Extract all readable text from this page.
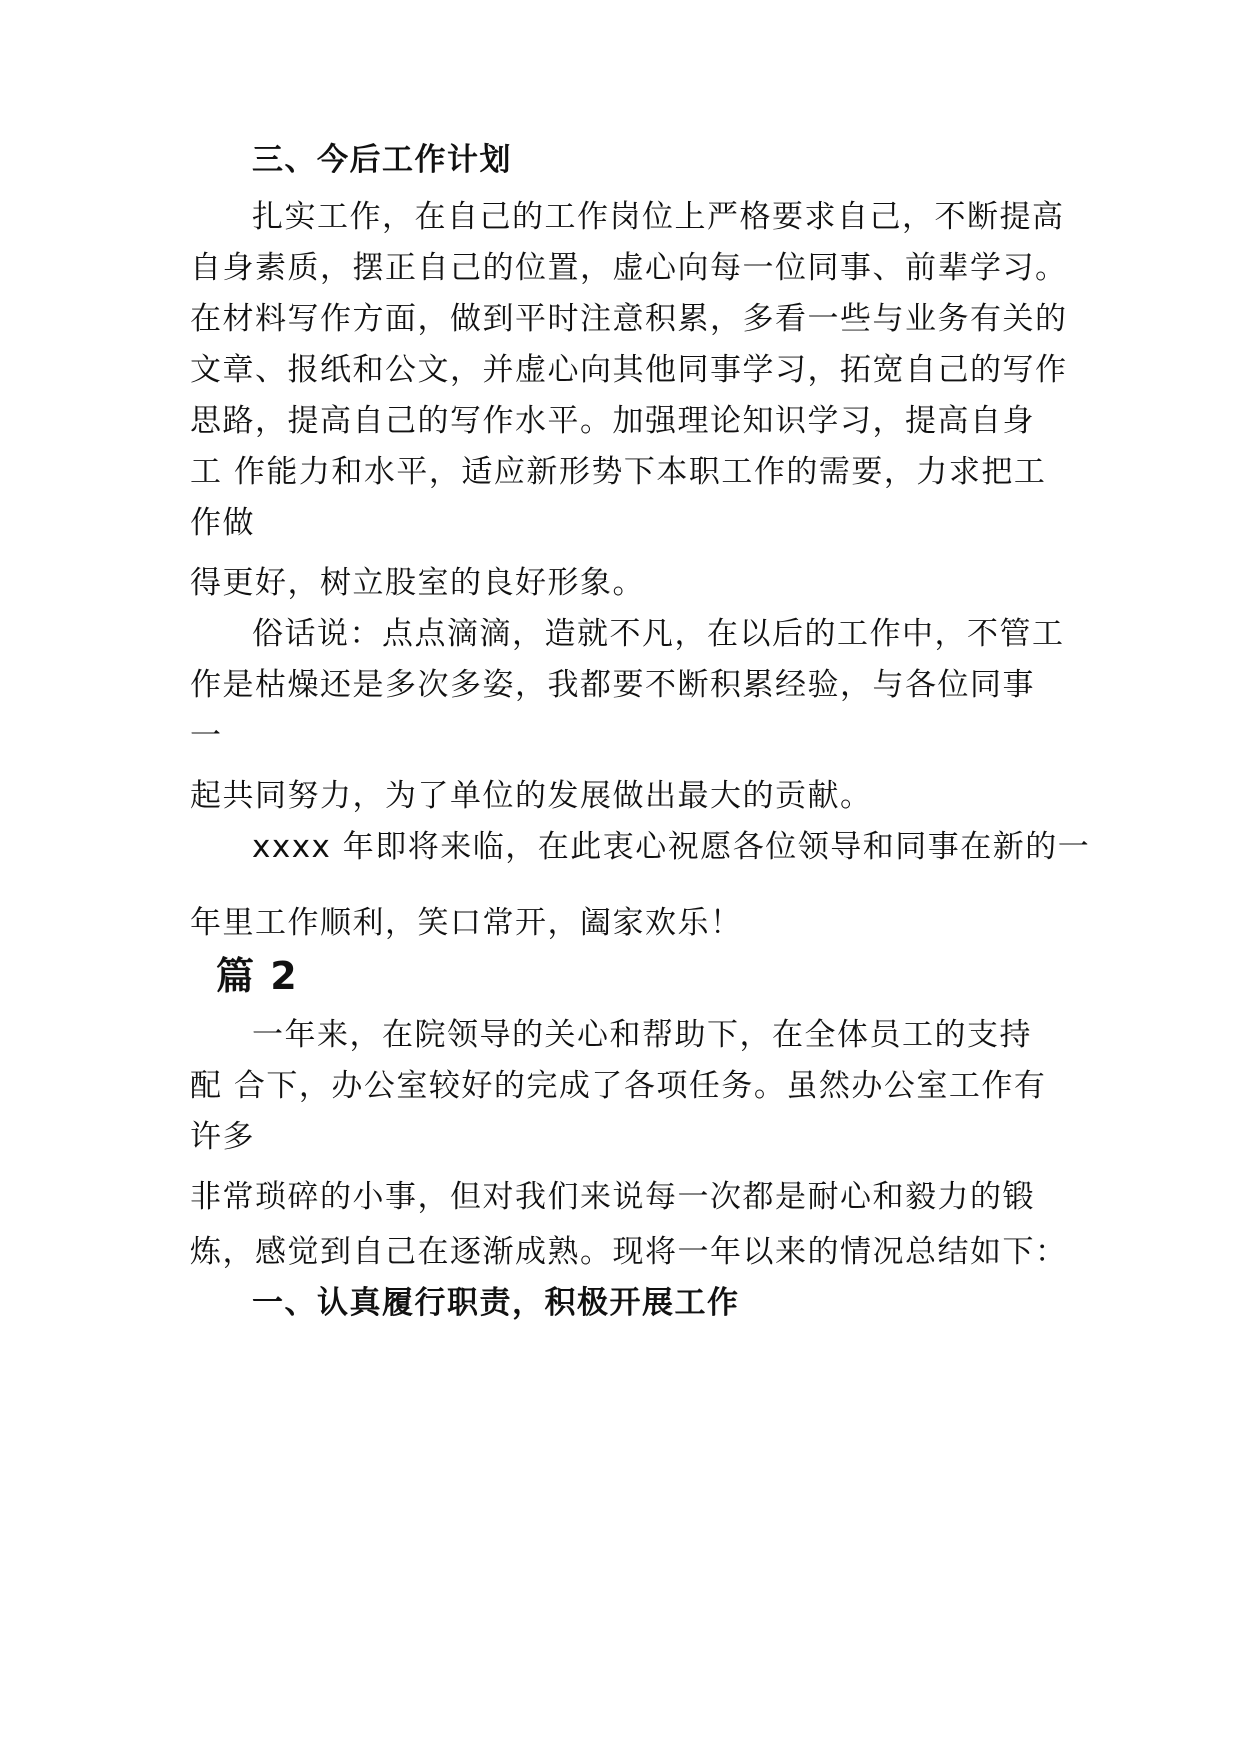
三、今后工作计划
扎实工作，在自己的工作岗位上严格要求自己，不断提高
自身素质，摆正自己的位置，虚心向每一位同事、前辈学习。
在材料写作方面，做到平时注意积累，多看一些与业务有关的
文章、报纸和公文，并虚心向其他同事学习，拓宽自己的写作
思路，提高自己的写作水平。加强理论知识学习，提高自身
工 作能力和水平，适应新形势下本职工作的需要，力求把工
作做
得更好，树立股室的良好形象。
俗话说：点点滴滴，造就不凡，在以后的工作中，不管工
作是枯燥还是多次多姿，我都要不断积累经验，与各位同事
一
起共同努力，为了单位的发展做出最大的贡献。
xxxx 年即将来临，在此衷心祝愿各位领导和同事在新的一
年里工作顺利，笑口常开，阖家欢乐！
篇 2
一年来，在院领导的关心和帮助下，在全体员工的支持
配 合下，办公室较好的完成了各项任务。虽然办公室工作有
许多
非常琐碎的小事，但对我们来说每一次都是耐心和毅力的锻
炼，感觉到自己在逐渐成熟。现将一年以来的情况总结如下：
一、认真履行职责，积极开展工作
